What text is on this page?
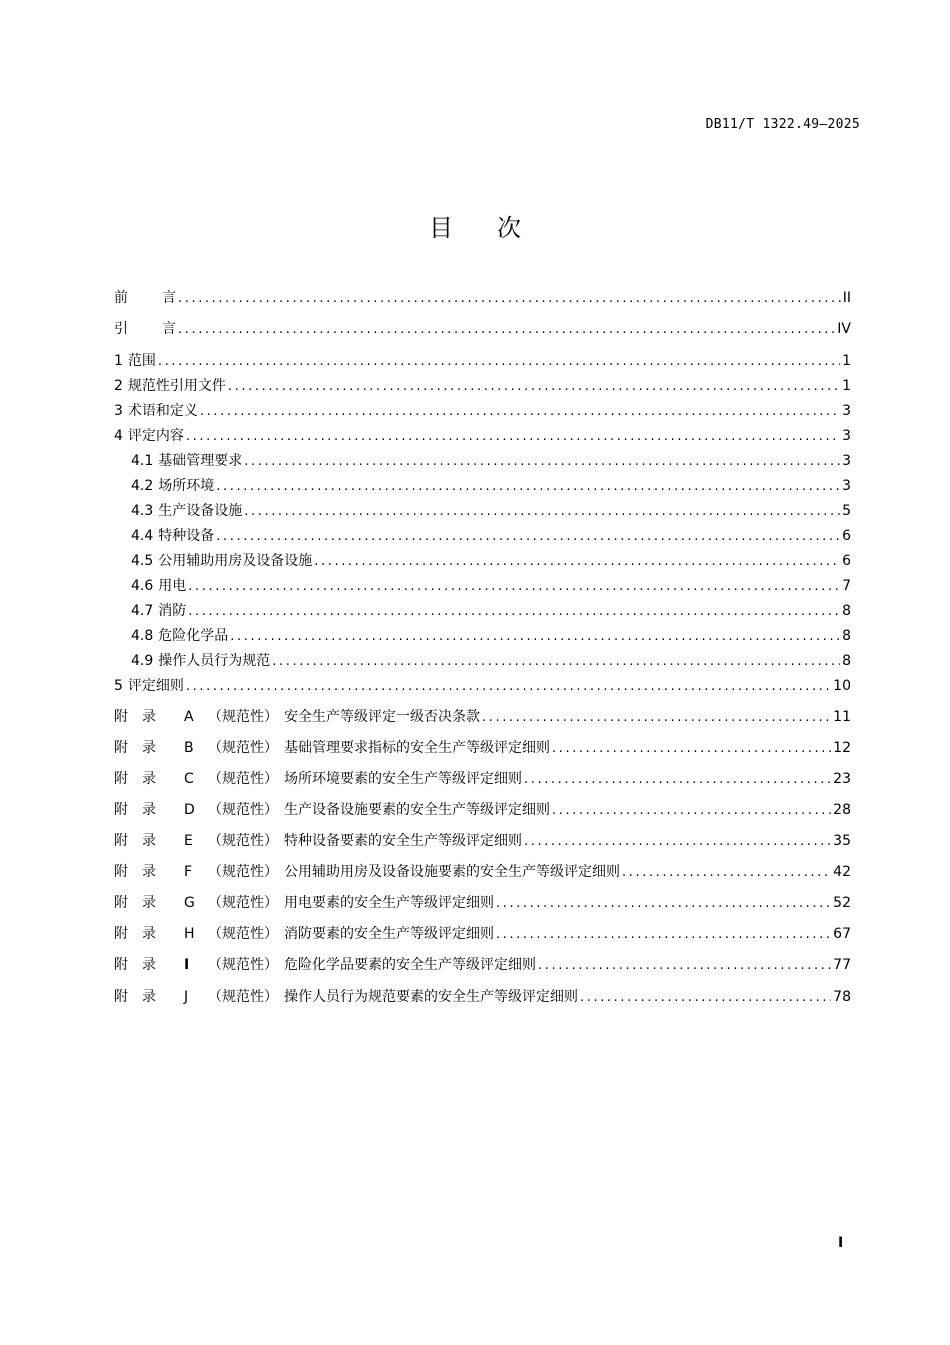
DB11/T 1322.49—2025
目 次
前	言 .....	II
引	言 .....	IV
1 范围 .....	1
2 规范性引用文件 .....	1
3 术语和定义 .....	3
4 评定内容 .....	3
4.1 基础管理要求 .....	3
4.2 场所环境 .....	3
4.3 生产设备设施 .....	5
4.4 特种设备 .....	6
4.5 公用辅助用房及设备设施 .....	6
4.6 用电 .....	7
4.7 消防 .....	8
4.8 危险化学品 .....	8
4.9 操作人员行为规范 .....	8
5 评定细则 .....	10
附　录	A	（规范性） 安全生产等级评定一级否决条款 .....	11
附　录	B	（规范性） 基础管理要求指标的安全生产等级评定细则 .....	12
附　录	C	（规范性） 场所环境要素的安全生产等级评定细则 .....	23
附　录	D （规范性） 生产设备设施要素的安全生产等级评定细则 .....	28
附　录	E	（规范性） 特种设备要素的安全生产等级评定细则 .....	35
附　录	F	（规范性） 公用辅助用房及设备设施要素的安全生产等级评定细则 .....	42
附　录	G （规范性） 用电要素的安全生产等级评定细则 .....	52
附　录	H （规范性） 消防要素的安全生产等级评定细则 .....	67
附　录	I	（规范性） 危险化学品要素的安全生产等级评定细则 .....	77
附　录	J	（规范性） 操作人员行为规范要素的安全生产等级评定细则 .....	78
I
